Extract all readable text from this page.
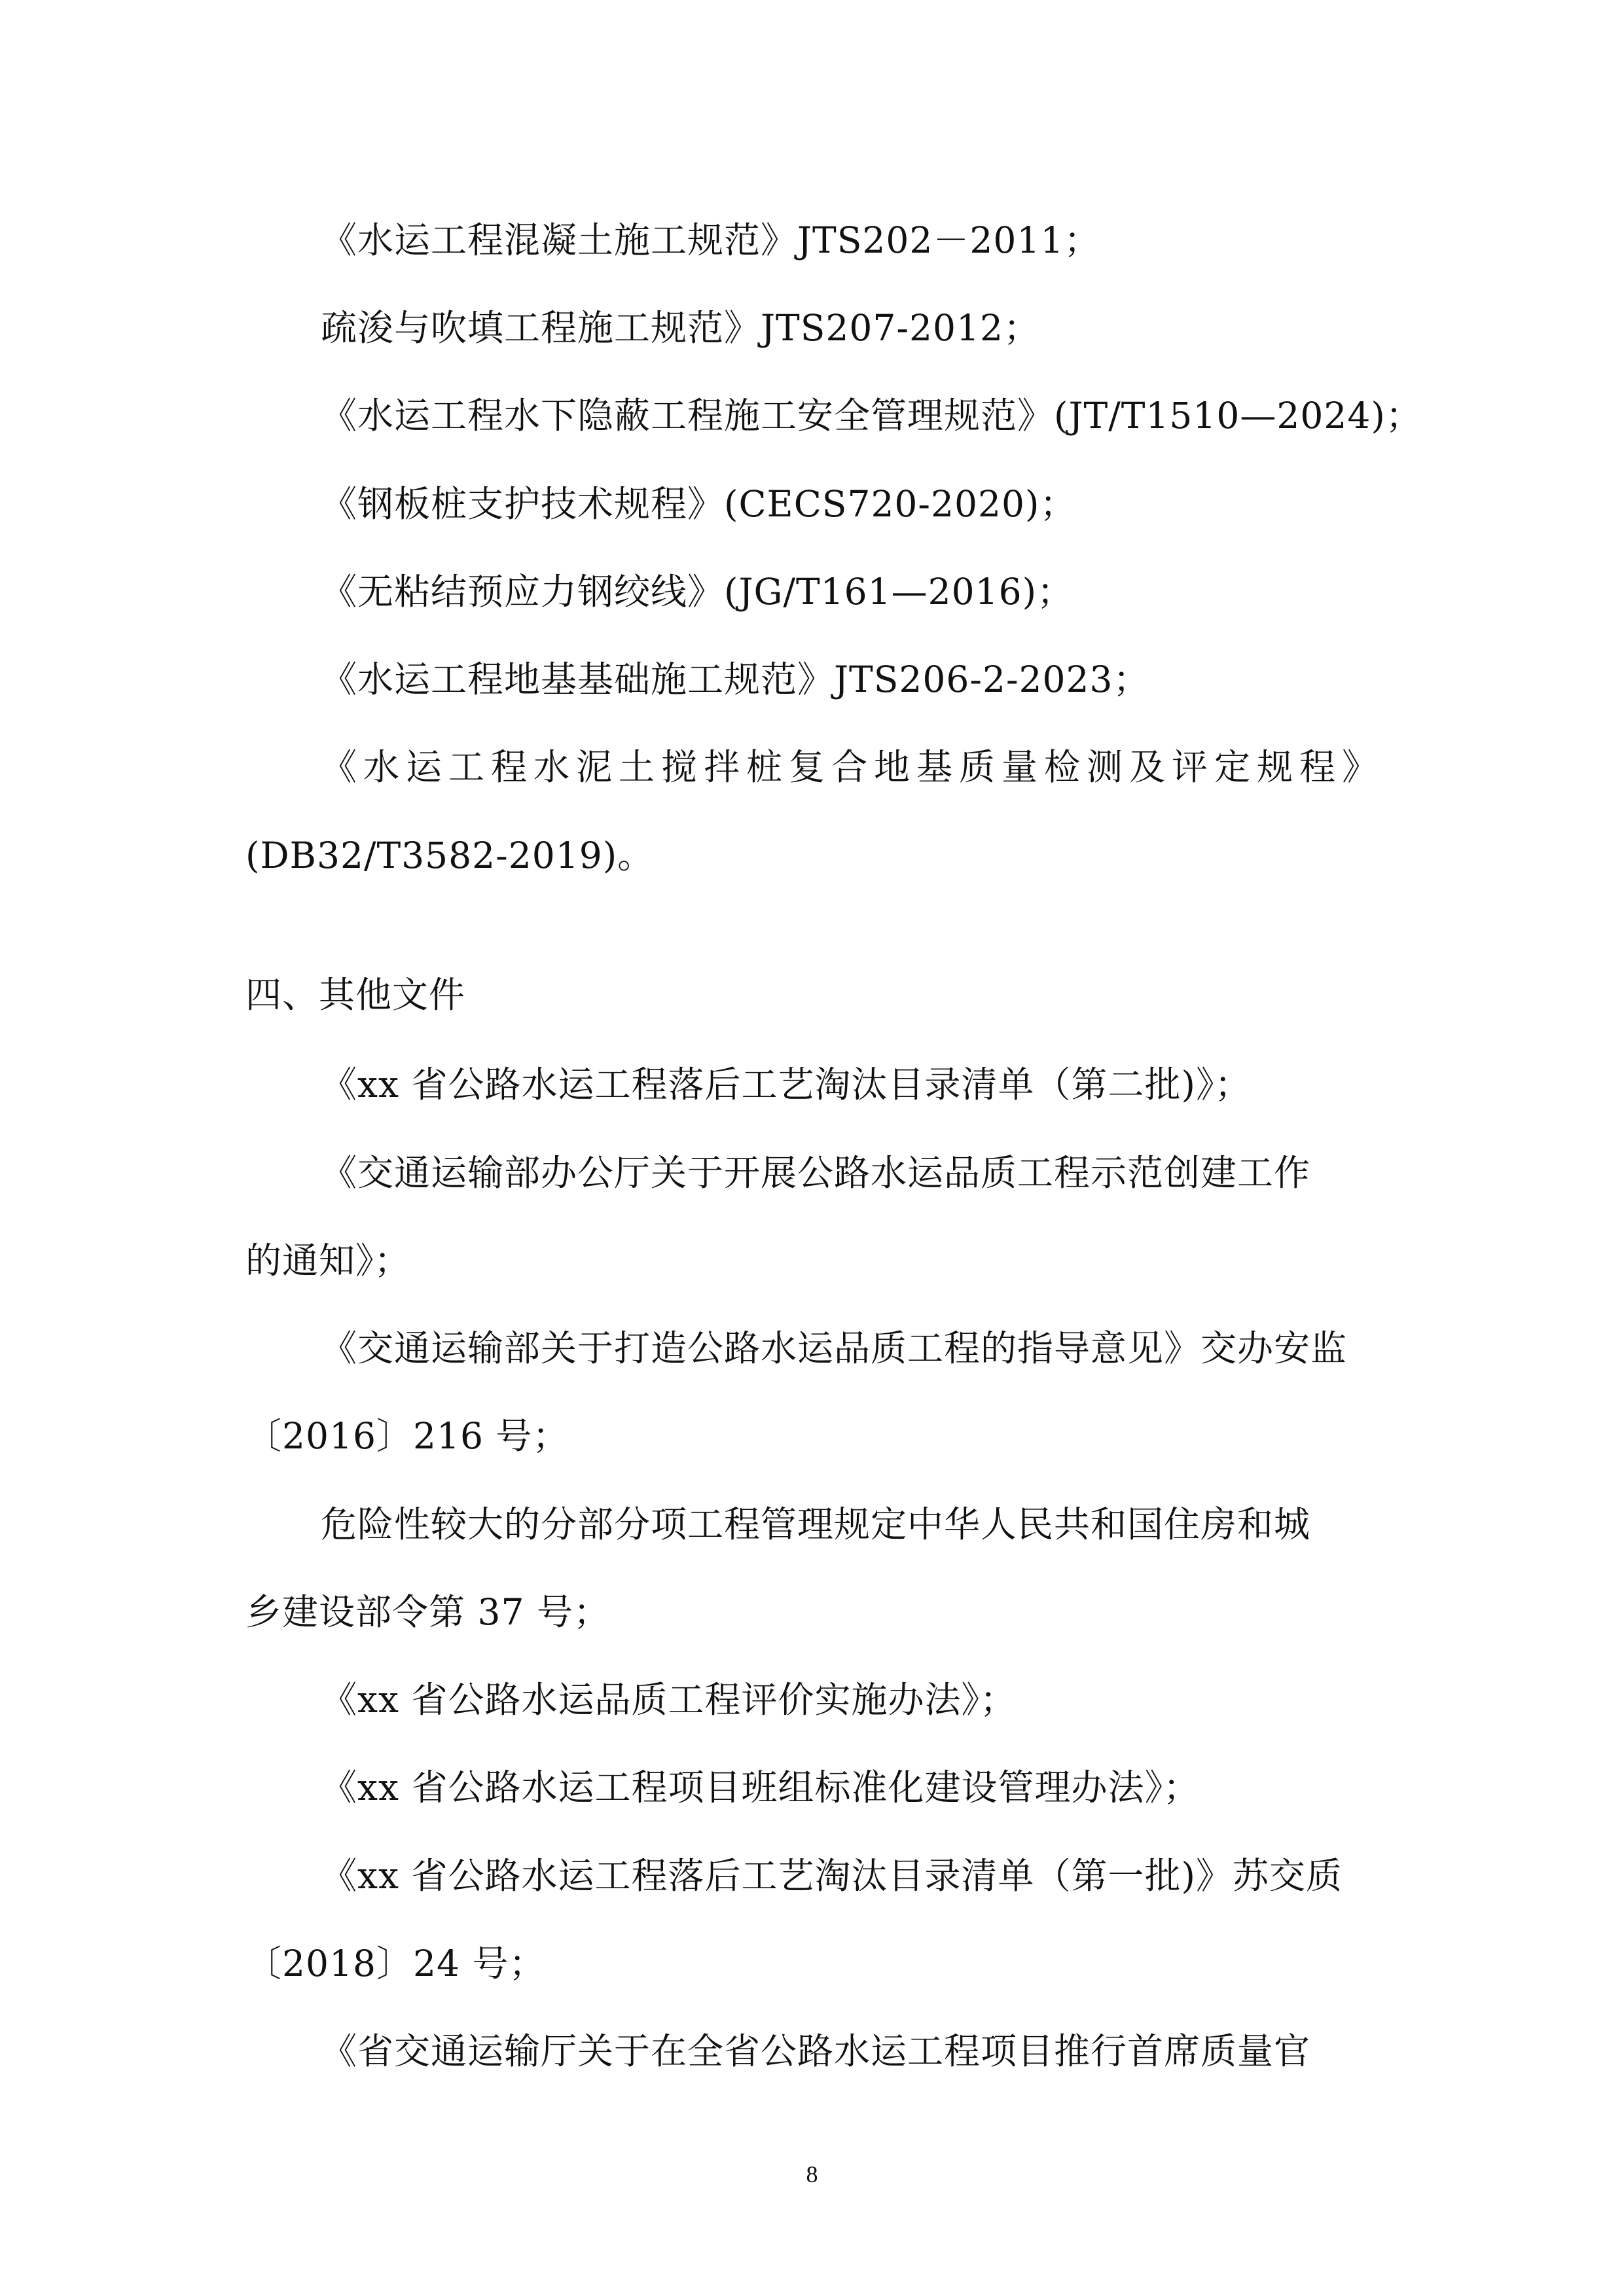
《水运工程混凝土施工规范》JTS202－2011；
疏浚与吹填工程施工规范》JTS207-2012；
《水运工程水下隐蔽工程施工安全管理规范》(JT/T1510—2024)；
《钢板桩支护技术规程》(CECS720-2020)；
《无粘结预应力钢绞线》(JG/T161—2016)；
《水运工程地基基础施工规范》JTS206-2-2023；
《水运工程水泥土搅拌桩复合地基质量检测及评定规程》
(DB32/T3582-2019)。
四、其他文件
《xx 省公路水运工程落后工艺淘汰目录清单（第二批)》；
《交通运输部办公厅关于开展公路水运品质工程示范创建工作
的通知》；
《交通运输部关于打造公路水运品质工程的指导意见》交办安监
〔2016〕216 号；
危险性较大的分部分项工程管理规定中华人民共和国住房和城
乡建设部令第 37 号；
《xx 省公路水运品质工程评价实施办法》；
《xx 省公路水运工程项目班组标准化建设管理办法》；
《xx 省公路水运工程落后工艺淘汰目录清单（第一批)》苏交质
〔2018〕24 号；
《省交通运输厅关于在全省公路水运工程项目推行首席质量官
8
